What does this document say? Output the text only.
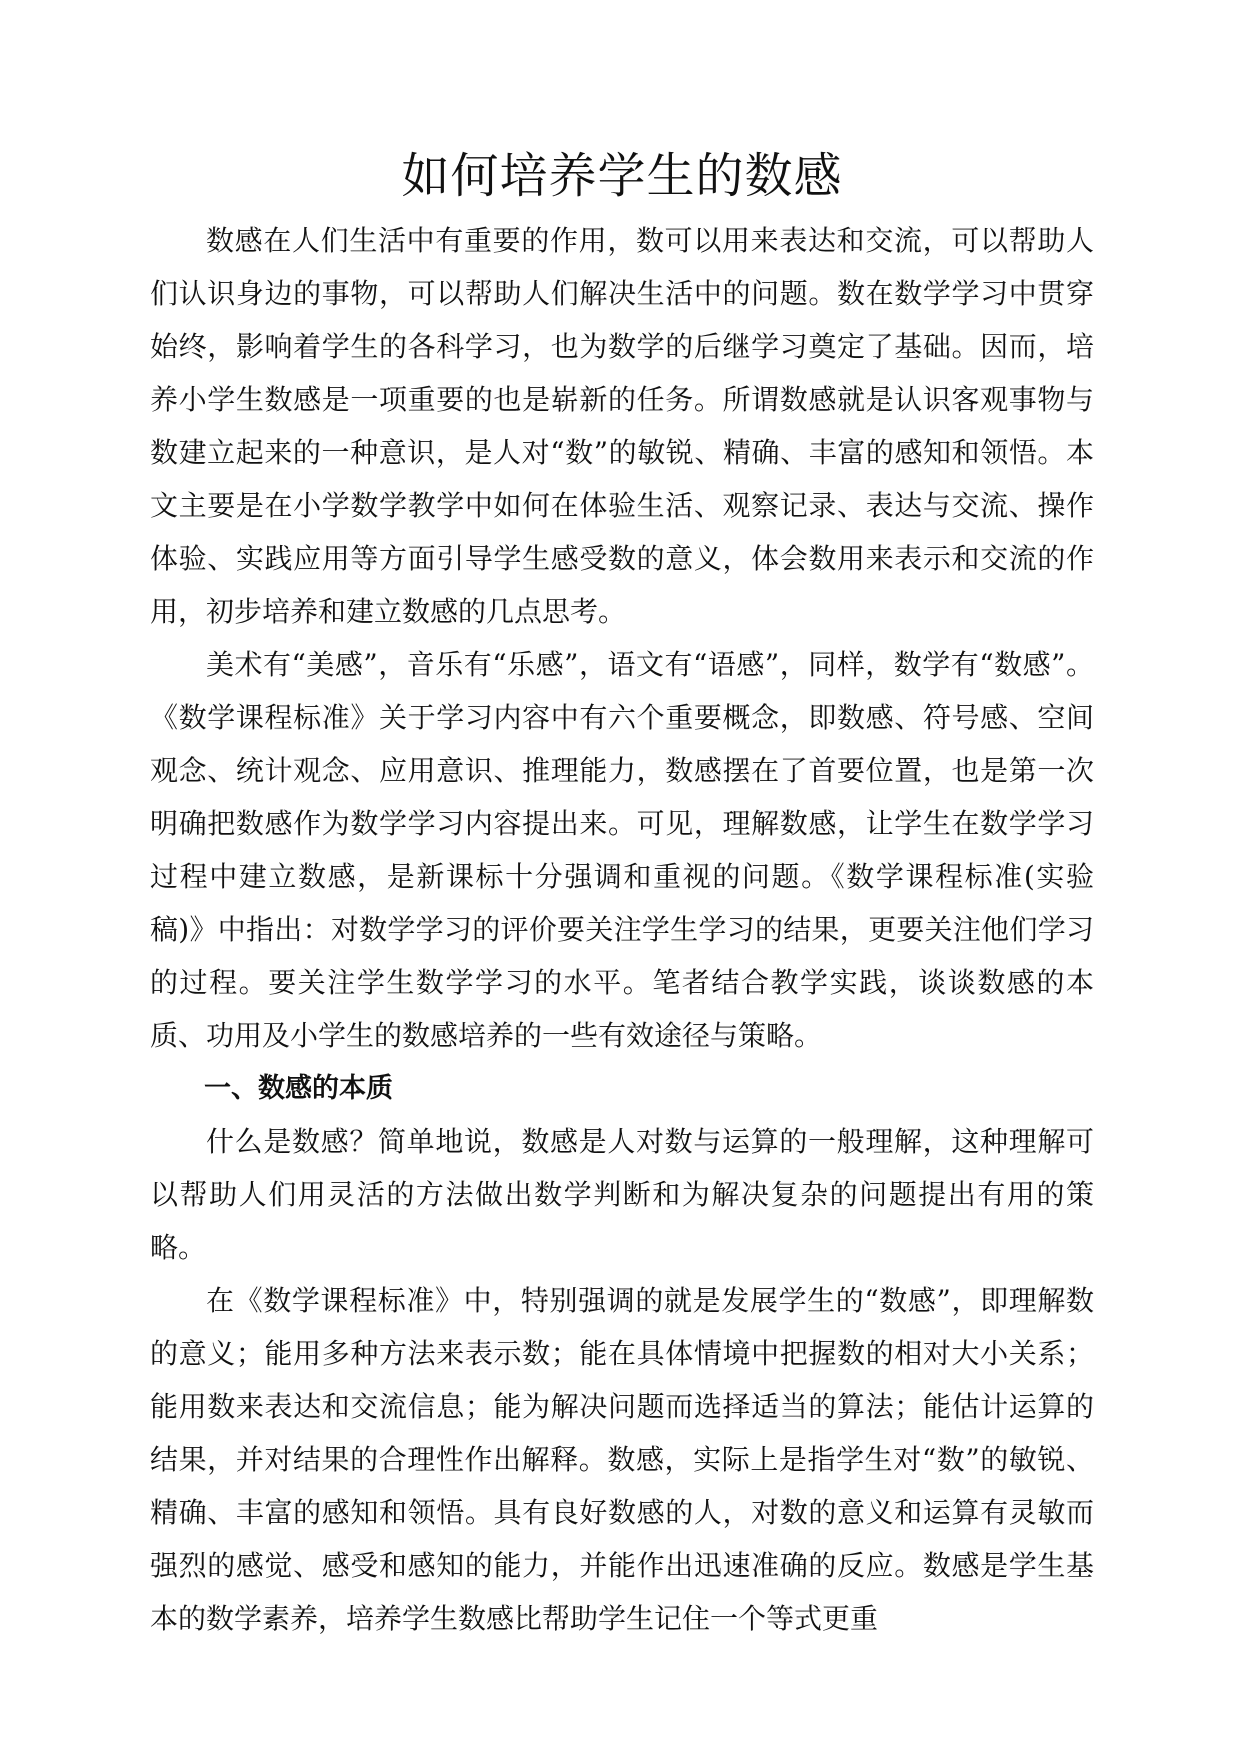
如何培养学生的数感

数感在人们生活中有重要的作用，数可以用来表达和交流，可以帮助人们认识身边的事物，可以帮助人们解决生活中的问题。数在数学学习中贯穿始终，影响着学生的各科学习，也为数学的后继学习奠定了基础。因而，培养小学生数感是一项重要的也是崭新的任务。所谓数感就是认识客观事物与数建立起来的一种意识，是人对“数”的敏锐、精确、丰富的感知和领悟。本文主要是在小学数学教学中如何在体验生活、观察记录、表达与交流、操作体验、实践应用等方面引导学生感受数的意义，体会数用来表示和交流的作用，初步培养和建立数感的几点思考。

美术有“美感”，音乐有“乐感”，语文有“语感”，同样，数学有“数感”。《数学课程标准》关于学习内容中有六个重要概念，即数感、符号感、空间观念、统计观念、应用意识、推理能力，数感摆在了首要位置，也是第一次明确把数感作为数学学习内容提出来。可见，理解数感，让学生在数学学习过程中建立数感，是新课标十分强调和重视的问题。《数学课程标准(实验稿)》中指出：对数学学习的评价要关注学生学习的结果，更要关注他们学习的过程。要关注学生数学学习的水平。笔者结合教学实践，谈谈数感的本质、功用及小学生的数感培养的一些有效途径与策略。

一、数感的本质

什么是数感？简单地说，数感是人对数与运算的一般理解，这种理解可以帮助人们用灵活的方法做出数学判断和为解决复杂的问题提出有用的策略。

在《数学课程标准》中，特别强调的就是发展学生的“数感”，即理解数的意义；能用多种方法来表示数；能在具体情境中把握数的相对大小关系；能用数来表达和交流信息；能为解决问题而选择适当的算法；能估计运算的结果，并对结果的合理性作出解释。数感，实际上是指学生对“数”的敏锐、精确、丰富的感知和领悟。具有良好数感的人，对数的意义和运算有灵敏而强烈的感觉、感受和感知的能力，并能作出迅速准确的反应。数感是学生基本的数学素养，培养学生数感比帮助学生记住一个等式更重
